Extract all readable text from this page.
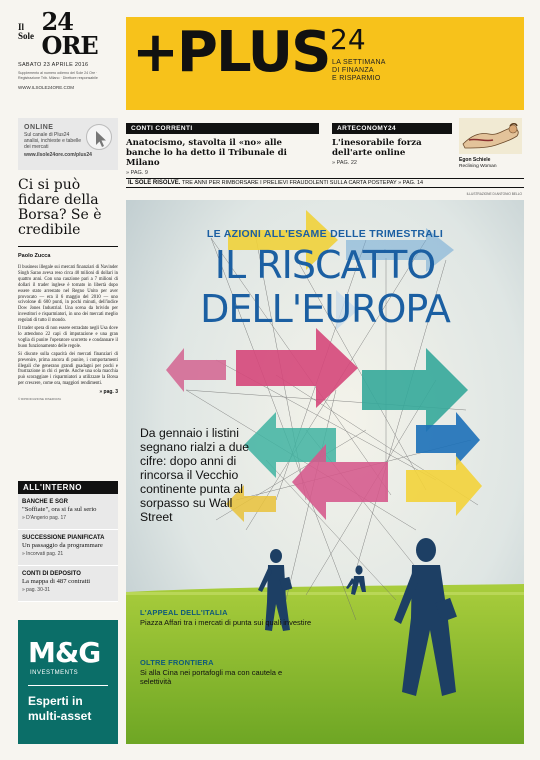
Il Sole 24 ORE
SABATO 23 APRILE 2016
Supplemento al numero odierno del Sole 24 Ore · Registrazione Trib. Milano · Direttore responsabile
WWW.ILSOLE24ORE.COM
+PLUS 24
LA SETTIMANA
DI FINANZA
E RISPARMIO
ONLINE
Sul canale di Plus24 analisi, inchieste e tabelle dei mercati
www.ilsole24ore.com/plus24
Ci si può fidare della Borsa? Se è credibile
Paolo Zucca

Il business illegale sui mercati finanziari di Navinder Singh Sarao aveva reso circa 40 milioni di dollari in quattro anni. Con una cauzione pari a 7 milioni di dollari il trader inglese è tornato in libertà dopo essere stato arrestato nel Regno Unito per aver provocato — era il 6 maggio del 2010 — uno scivolone di 600 punti, in pochi minuti, dell'indice Dow Jones Industrial. Una scena da brivido per investitori e risparmiatori, in uno dei mercati meglio regolati di tutto il mondo.

Il trader spera di non essere estradato negli Usa dove lo attendono 22 capi di imputazione e una gran voglia di punire l'operatore scorretto e condannare il buon funzionamento delle regole.

Si discute sulla capacità dei mercati finanziari di prevenire, prima ancora di punire, i comportamenti illegali che generano grandi guadagni per pochi e frustrazione in chi ci perde. Anche una sola macchia può scoraggiare i risparmiatori a utilizzare la Borsa per crescere, come ora, maggiori rendimenti.

» pag. 3
© RIPRODUZIONE RISERVATA
ALL'INTERNO
BANCHE E SGR
"Soffiate", ora si fa sul serio
» D'Angerio pag. 17
SUCCESSIONE PIANIFICATA
Un passaggio da programmare
» Incorvati pag. 21
CONTI DI DEPOSITO
La mappa di 487 contratti
» pag. 30-31
M&G
INVESTMENTS
Esperti in multi-asset
CONTI CORRENTI
Anatocismo, stavolta il «no» alle banche lo ha detto il Tribunale di Milano
» PAG. 9
ARTECONOMY24
L'inesorabile forza dell'arte online
» PAG. 22	Egon Schiele
Reclining Woman
IL SOLE RISOLVE. TRE ANNI PER RIMBORSARE I PRELIEVI FRAUDOLENTI SULLA CARTA POSTEPAY » PAG. 14
ILLUSTRAZIONE DI ANTONIO BELLO
LE AZIONI ALL'ESAME DELLE TRIMESTRALI
IL RISCATTO
DELL'EUROPA
Da gennaio i listini segnano rialzi a due cifre: dopo anni di rincorsa il Vecchio continente punta al sorpasso su Wall Street
L'APPEAL DELL'ITALIA
Piazza Affari tra i mercati di punta sui quali investire
OLTRE FRONTIERA
Si alla Cina nei portafogli ma con cautela e selettività
